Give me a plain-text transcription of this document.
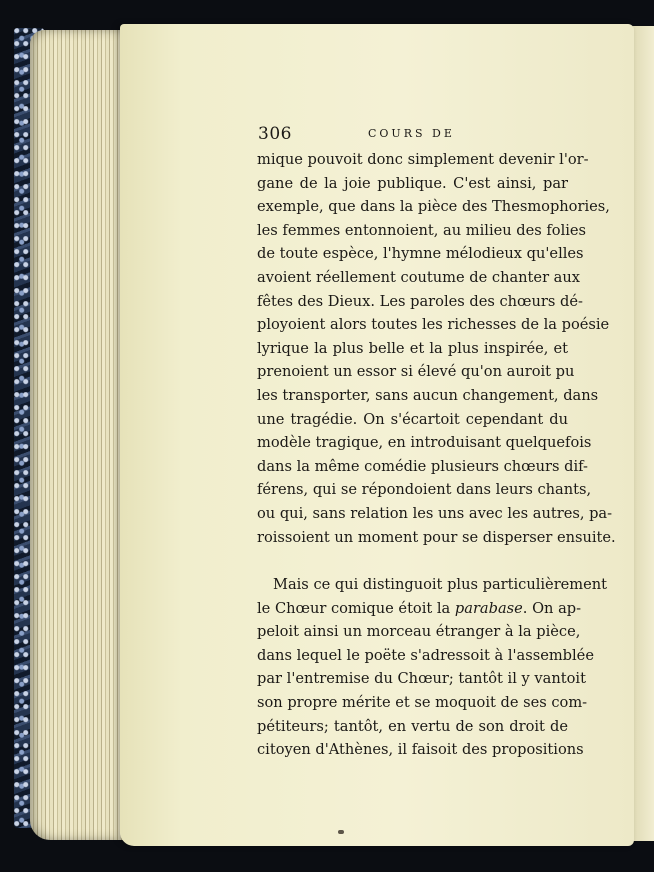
306	COURS DE
mique pouvoit donc simplement devenir l'or-
gane de la joie publique. C'est ainsi, par
exemple, que dans la pièce des Thesmophories,
les femmes entonnoient, au milieu des folies
de toute espèce, l'hymne mélodieux qu'elles
avoient réellement coutume de chanter aux
fêtes des Dieux. Les paroles des chœurs dé-
ployoient alors toutes les richesses de la poésie
lyrique la plus belle et la plus inspirée, et
prenoient un essor si élevé qu'on auroit pu
les transporter, sans aucun changement, dans
une tragédie. On s'écartoit cependant du
modèle tragique, en introduisant quelquefois
dans la même comédie plusieurs chœurs dif-
férens, qui se répondoient dans leurs chants,
ou qui, sans relation les uns avec les autres, pa-
roissoient un moment pour se disperser ensuite.
Mais ce qui distinguoit plus particulièrement
le Chœur comique étoit la parabase. On ap-
peloit ainsi un morceau étranger à la pièce,
dans lequel le poëte s'adressoit à l'assemblée
par l'entremise du Chœur; tantôt il y vantoit
son propre mérite et se moquoit de ses com-
pétiteurs; tantôt, en vertu de son droit de
citoyen d'Athènes, il faisoit des propositions
